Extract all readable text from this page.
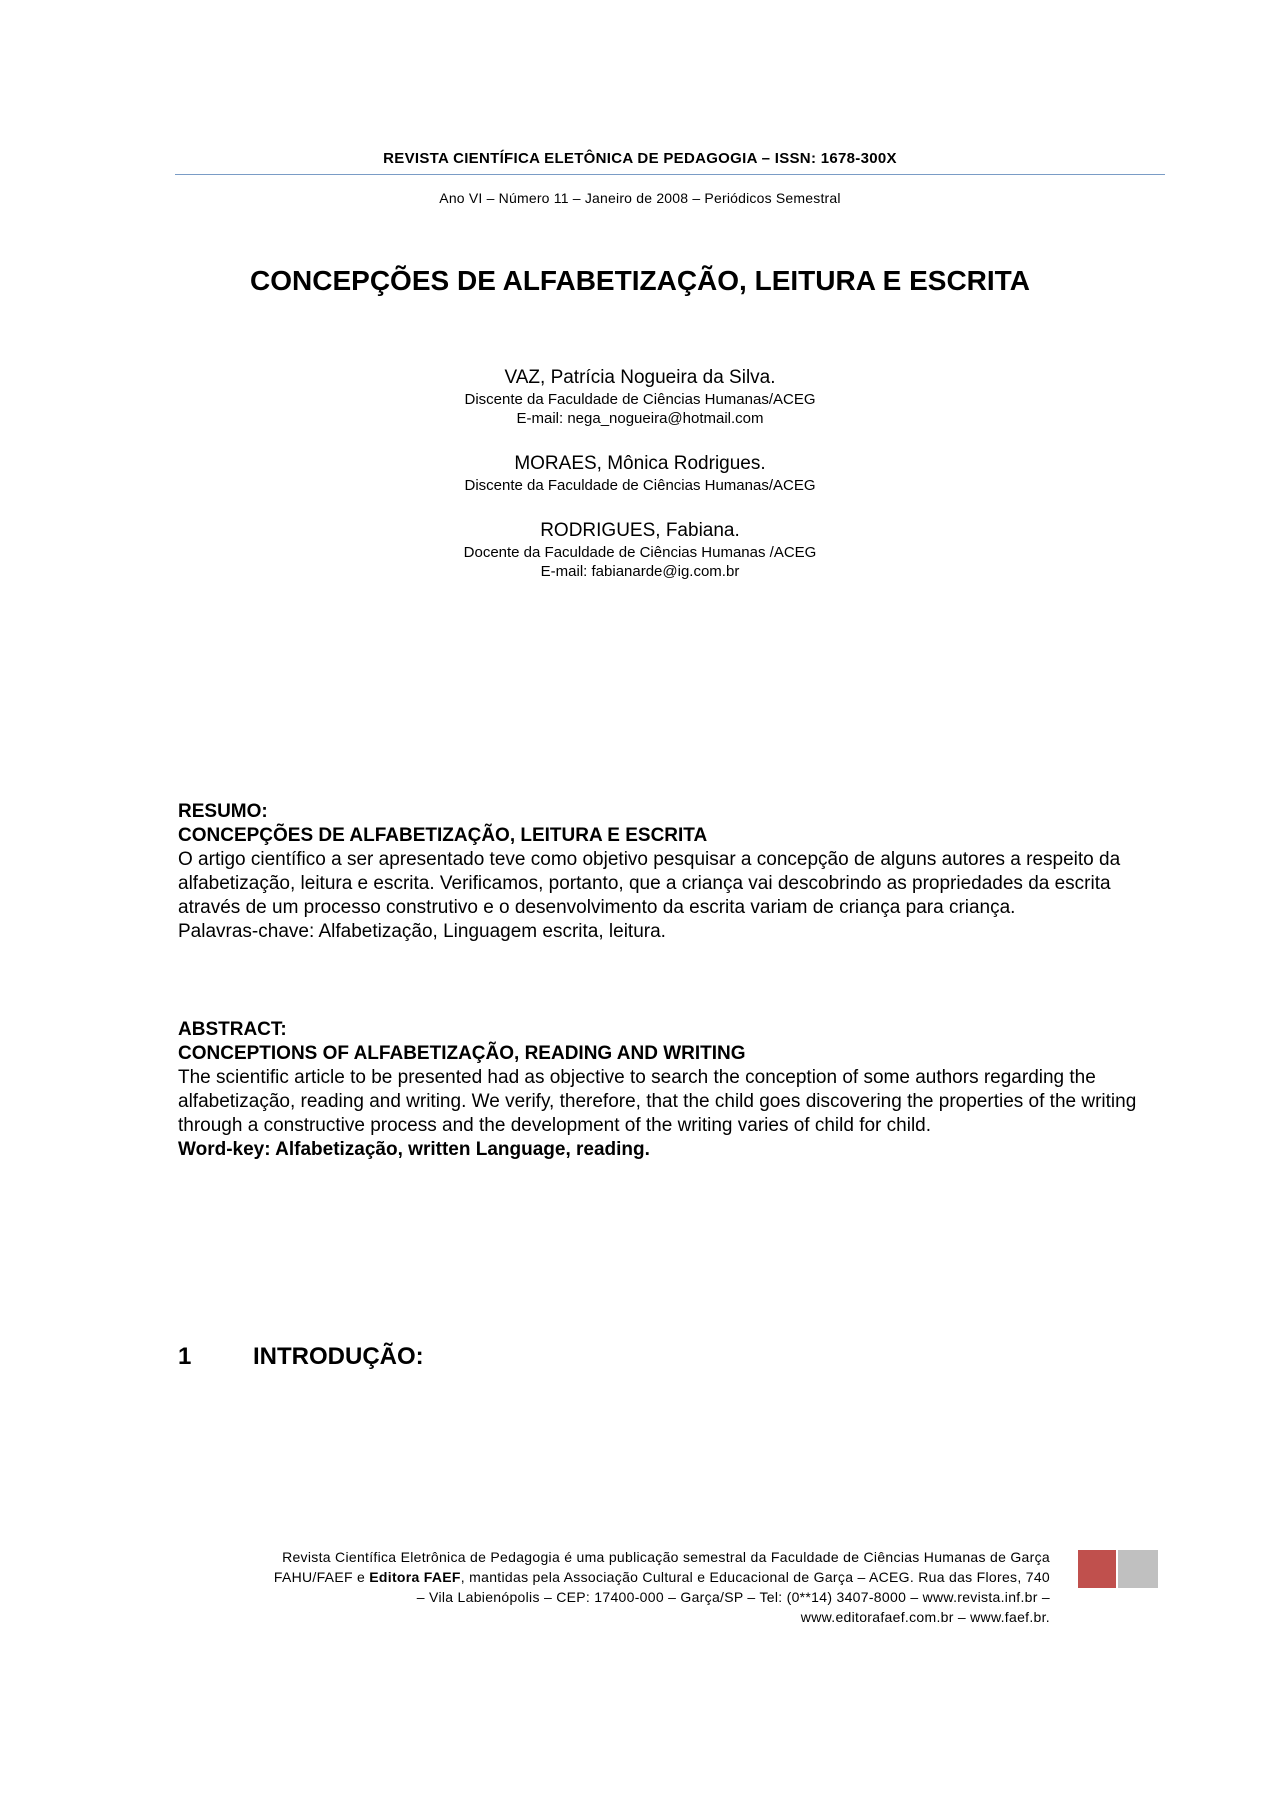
REVISTA CIENTÍFICA ELETÔNICA DE PEDAGOGIA – ISSN: 1678-300X
Ano VI – Número 11 – Janeiro de 2008 – Periódicos Semestral
CONCEPÇÕES DE ALFABETIZAÇÃO, LEITURA E ESCRITA
VAZ, Patrícia Nogueira da Silva.
Discente da Faculdade de Ciências Humanas/ACEG
E-mail: nega_nogueira@hotmail.com
MORAES, Mônica Rodrigues.
Discente da Faculdade de Ciências Humanas/ACEG
RODRIGUES, Fabiana.
Docente da Faculdade de Ciências Humanas /ACEG
E-mail: fabianarde@ig.com.br
RESUMO:
CONCEPÇÕES DE ALFABETIZAÇÃO, LEITURA E ESCRITA
O artigo científico a ser apresentado teve como objetivo pesquisar a concepção de alguns autores a respeito da alfabetização, leitura e escrita. Verificamos, portanto, que a criança vai descobrindo as propriedades da escrita através de um processo construtivo e o desenvolvimento da escrita variam de criança para criança.
Palavras-chave: Alfabetização, Linguagem escrita, leitura.
ABSTRACT:
CONCEPTIONS OF ALFABETIZAÇÃO, READING AND WRITING
The scientific article to be presented had as objective to search the conception of some authors regarding the alfabetização, reading and writing. We verify, therefore, that the child goes discovering the properties of the writing through a constructive process and the development of the writing varies of child for child.
Word-key: Alfabetização, written Language, reading.
1	INTRODUÇÃO:
Revista Científica Eletrônica de Pedagogia é uma publicação semestral da Faculdade de Ciências Humanas de Garça
FAHU/FAEF e Editora FAEF, mantidas pela Associação Cultural e Educacional de Garça – ACEG. Rua das Flores, 740
– Vila Labienópolis – CEP: 17400-000 – Garça/SP – Tel: (0**14) 3407-8000 – www.revista.inf.br –
www.editorafaef.com.br – www.faef.br.
